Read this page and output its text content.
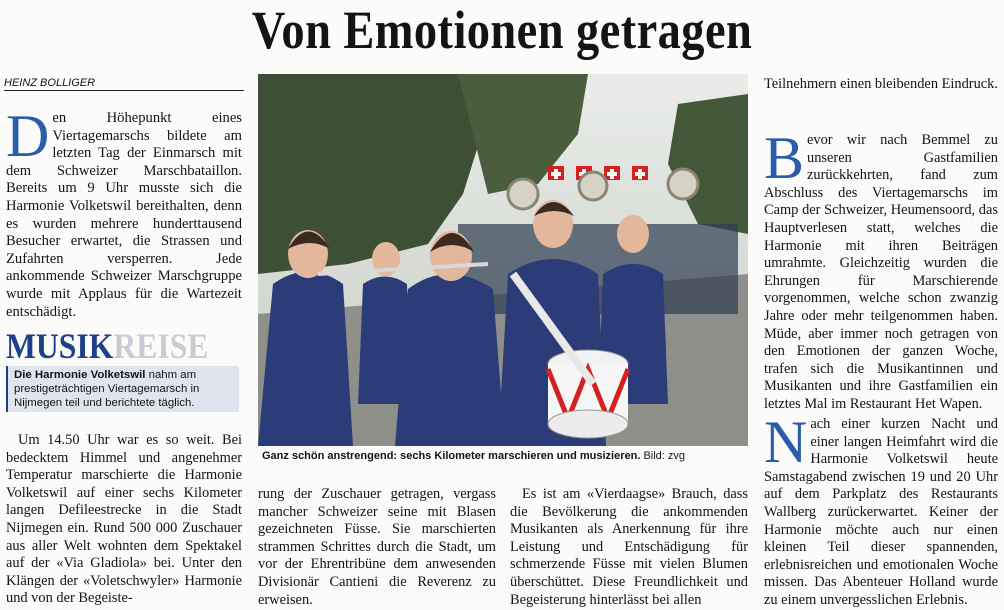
Von Emotionen getragen
HEINZ BOLLIGER
D en Höhepunkt eines Viertagemarschs bildete am letzten Tag der Einmarsch mit dem Schweizer Marschbataillon. Bereits um 9 Uhr musste sich die Harmonie Volketswil bereithalten, denn es wurden mehrere hunderttausend Besucher erwartet, die Strassen und Zufahrten versperren. Jede ankommende Schweizer Marschgruppe wurde mit Applaus für die Wartezeit entschädigt.
MUSIKREISE
Die Harmonie Volketswil nahm am prestigeträchtigen Viertagemarsch in Nijmegen teil und berichtete täglich.
Um 14.50 Uhr war es so weit. Bei bedecktem Himmel und angenehmer Temperatur marschierte die Harmonie Volketswil auf einer sechs Kilometer langen Defileestrecke in die Stadt Nijmegen ein. Rund 500 000 Zuschauer aus aller Welt wohnten dem Spektakel auf der «Via Gladiola» bei. Unter den Klängen der «Voletschwyler» Harmonie und von der Begeiste-
Ganz schön anstrengend: sechs Kilometer marschieren und musizieren. Bild: zvg
rung der Zuschauer getragen, vergass mancher Schweizer seine mit Blasen gezeichneten Füsse. Sie marschierten strammen Schrittes durch die Stadt, um vor der Ehrentribüne dem anwesenden Divisionär Cantieni die Reverenz zu erweisen.
Es ist am «Vierdaagse» Brauch, dass die Bevölkerung die ankommenden Musikanten als Anerkennung für ihre Leistung und Entschädigung für schmerzende Füsse mit vielen Blumen überschüttet. Diese Freundlichkeit und Begeisterung hinterlässt bei allen
Teilnehmern einen bleibenden Eindruck.
B evor wir nach Bemmel zu unseren Gastfamilien zurückkehrten, fand zum Abschluss des Viertagemarschs im Camp der Schweizer, Heumensoord, das Hauptverlesen statt, welches die Harmonie mit ihren Beiträgen umrahmte. Gleichzeitig wurden die Ehrungen für Marschierende vorgenommen, welche schon zwanzig Jahre oder mehr teilgenommen haben. Müde, aber immer noch getragen von den Emotionen der ganzen Woche, trafen sich die Musikantinnen und Musikanten und ihre Gastfamilien ein letztes Mal im Restaurant Het Wapen.
N ach einer kurzen Nacht und einer langen Heimfahrt wird die Harmonie Volketswil heute Samstagabend zwischen 19 und 20 Uhr auf dem Parkplatz des Restaurants Wallberg zurückerwartet. Keiner der Harmonie möchte auch nur einen kleinen Teil dieser spannenden, erlebnisreichen und emotionalen Woche missen. Das Abenteuer Holland wurde zu einem unvergesslichen Erlebnis.
